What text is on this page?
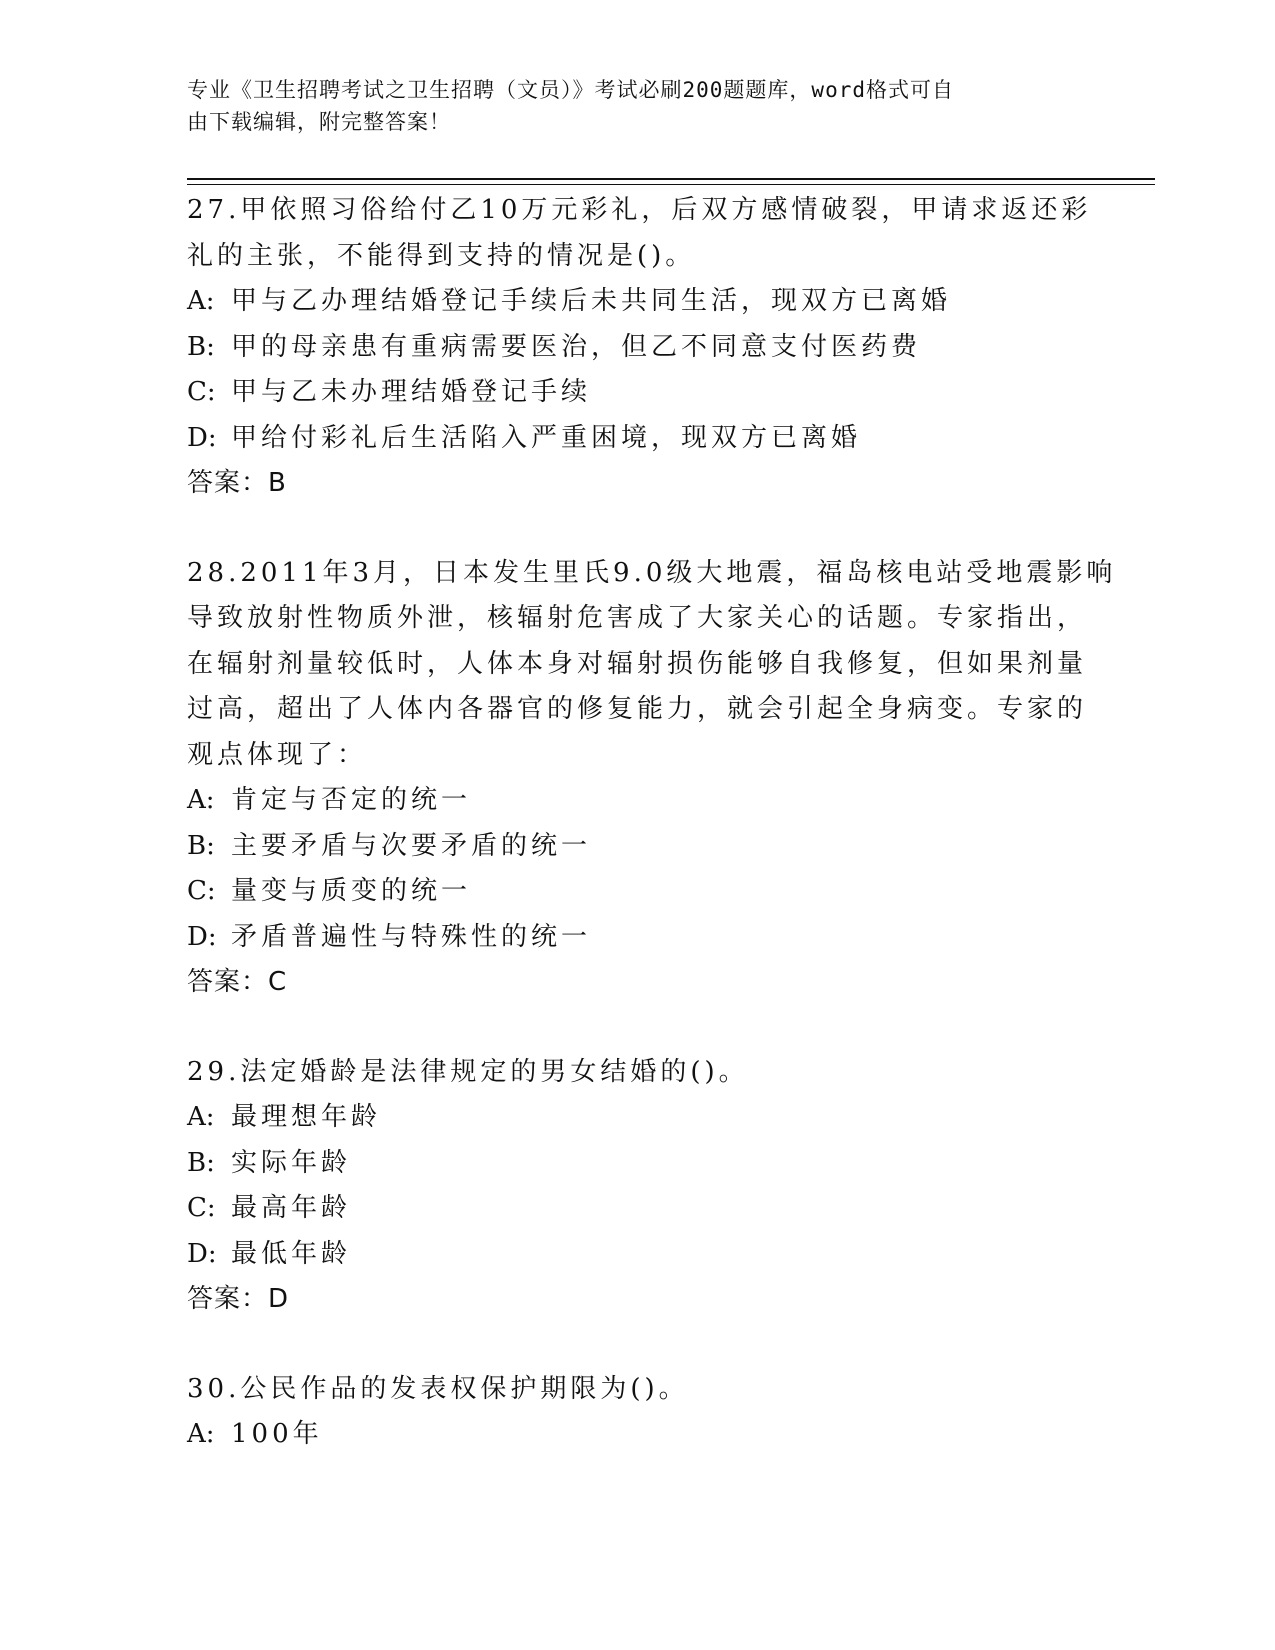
专业《卫生招聘考试之卫生招聘（文员）》考试必刷200题题库，word格式可自
由下载编辑，附完整答案！
27.甲依照习俗给付乙10万元彩礼，后双方感情破裂，甲请求返还彩
礼的主张，不能得到支持的情况是()。
A: 甲与乙办理结婚登记手续后未共同生活，现双方已离婚
B: 甲的母亲患有重病需要医治，但乙不同意支付医药费
C: 甲与乙未办理结婚登记手续
D: 甲给付彩礼后生活陷入严重困境，现双方已离婚
答案：B
28.2011年3月，日本发生里氏9.0级大地震，福岛核电站受地震影响
导致放射性物质外泄，核辐射危害成了大家关心的话题。专家指出，
在辐射剂量较低时，人体本身对辐射损伤能够自我修复，但如果剂量
过高，超出了人体内各器官的修复能力，就会引起全身病变。专家的
观点体现了：
A: 肯定与否定的统一
B: 主要矛盾与次要矛盾的统一
C: 量变与质变的统一
D: 矛盾普遍性与特殊性的统一
答案：C
29.法定婚龄是法律规定的男女结婚的()。
A: 最理想年龄
B: 实际年龄
C: 最高年龄
D: 最低年龄
答案：D
30.公民作品的发表权保护期限为()。
A: 100年
